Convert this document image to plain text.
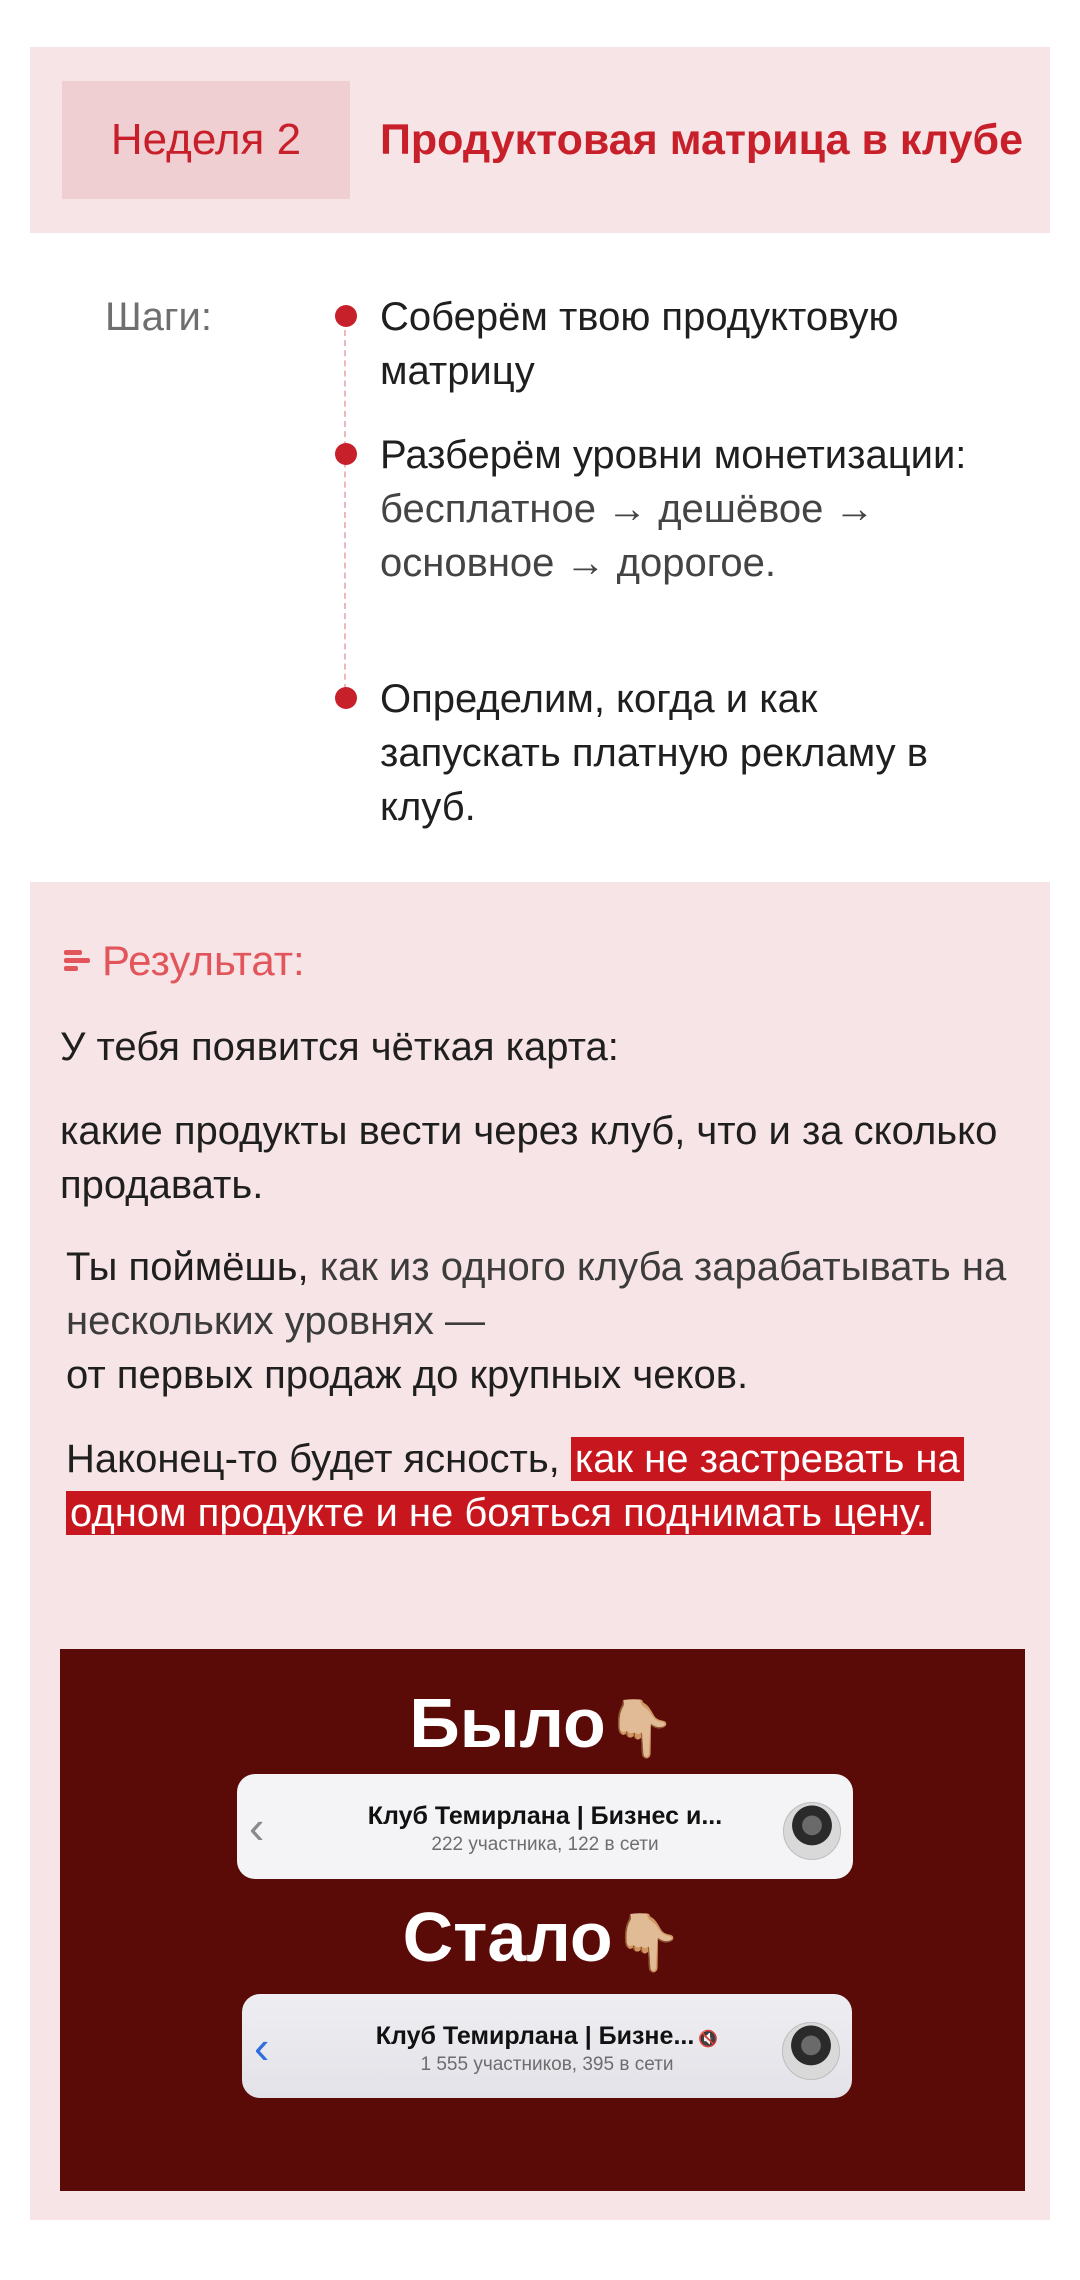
Неделя 2	Продуктовая матрица в клубе
Шаги:	Соберём твою продуктовую матрицу
Разберём уровни монетизации: бесплатное → дешёвое → основное → дорогое.
Определим, когда и как запускать платную рекламу в клуб.
Результат:
У тебя появится чёткая карта:
какие продукты вести через клуб, что и за сколько продавать.
Ты поймёшь, как из одного клуба зарабатывать на нескольких уровнях —
от первых продаж до крупных чеков.
Наконец-то будет ясность, как не застревать на одном продукте и не бояться поднимать цену.
Было👇🏼
‹	Клуб Темирлана | Бизнес и...
222 участника, 122 в сети
Стало👇🏼
‹	Клуб Темирлана | Бизне... 🔇
1 555 участников, 395 в сети
